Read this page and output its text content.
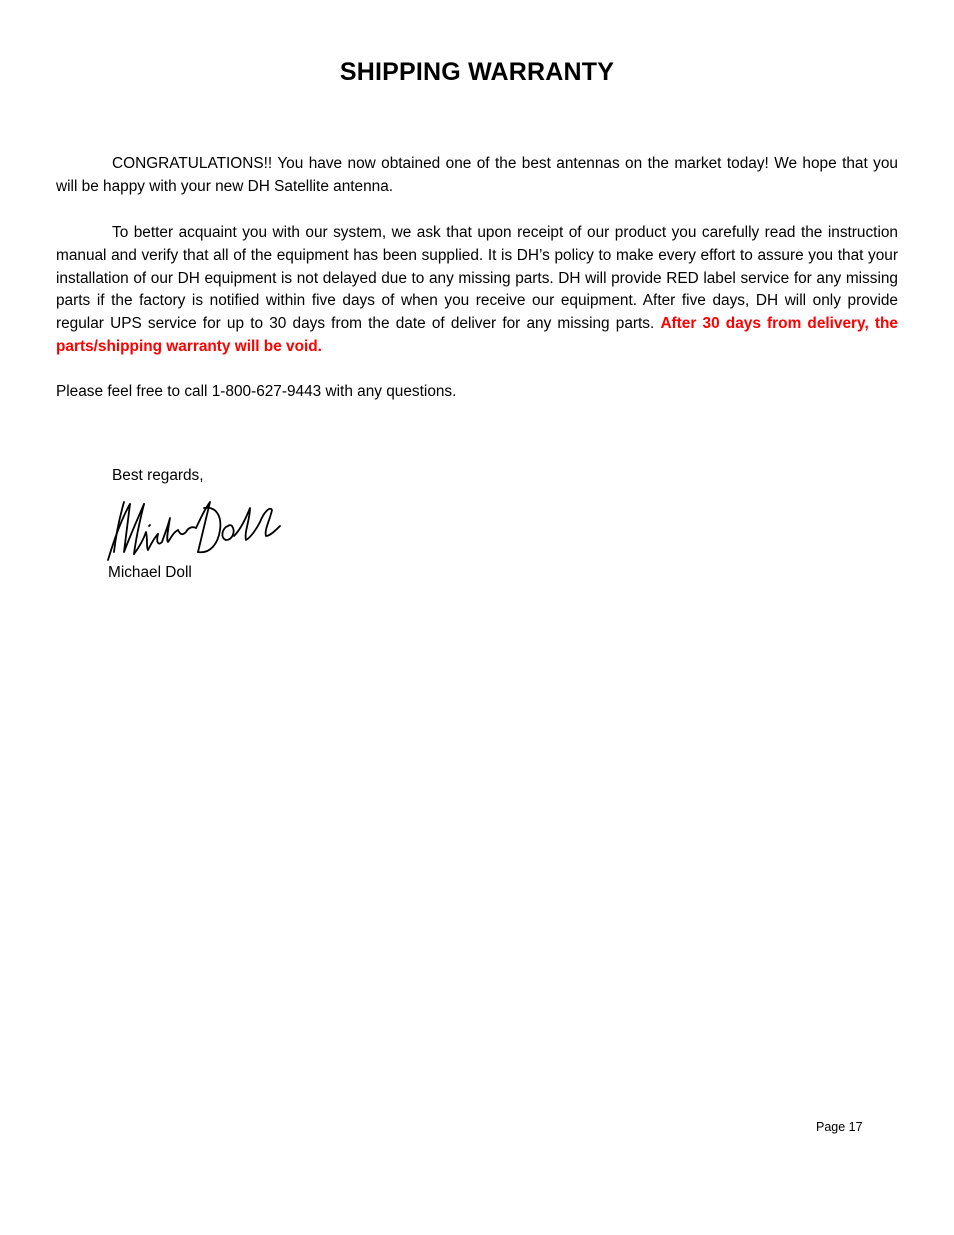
SHIPPING WARRANTY

CONGRATULATIONS!! You have now obtained one of the best antennas on the market today! We hope that you will be happy with your new DH Satellite antenna.

To better acquaint you with our system, we ask that upon receipt of our product you carefully read the instruction manual and verify that all of the equipment has been supplied. It is DH’s policy to make every effort to assure you that your installation of our DH equipment is not delayed due to any missing parts. DH will provide RED label service for any missing parts if the factory is notified within five days of when you receive our equipment. After five days, DH will only provide regular UPS service for up to 30 days from the date of deliver for any missing parts. After 30 days from delivery, the parts/shipping warranty will be void.

Please feel free to call 1-800-627-9443 with any questions.

Best regards,
Michael Doll
Page 17
